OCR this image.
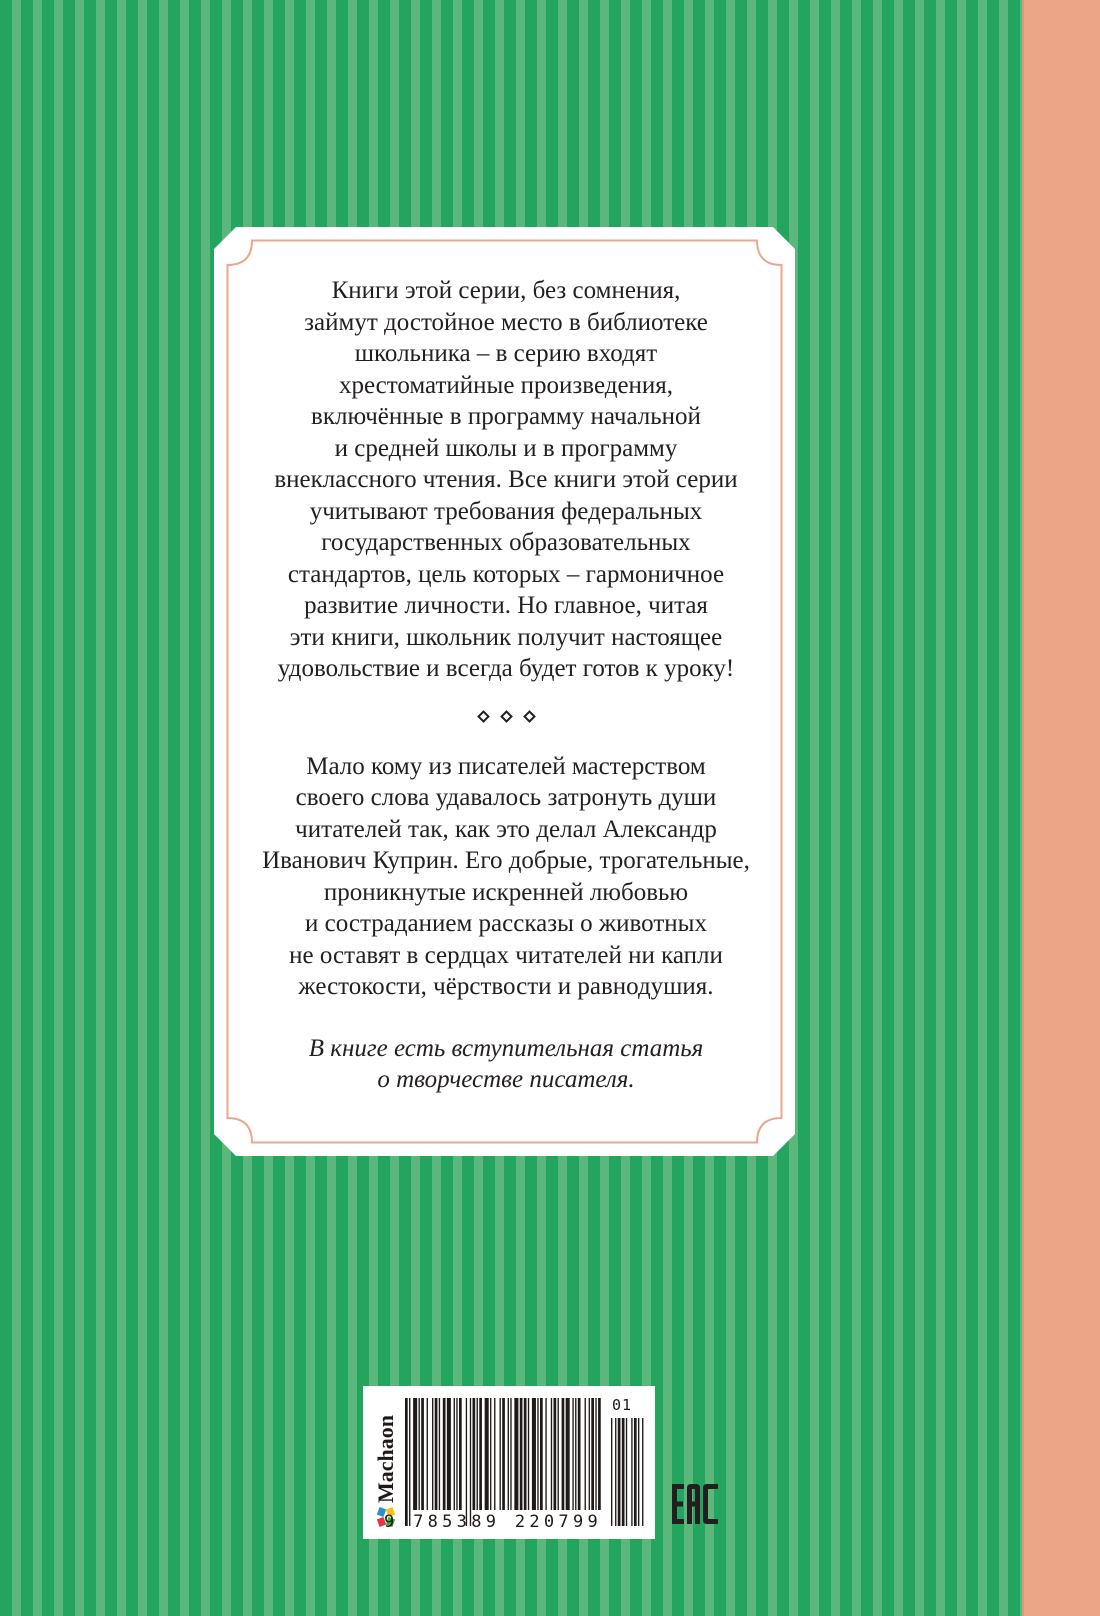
Книги этой серии, без сомнения,
займут достойное место в библиотеке
школьника – в серию входят
хрестоматийные произведения,
включённые в программу начальной
и средней школы и в программу
внеклассного чтения. Все книги этой серии
учитывают требования федеральных
государственных образовательных
стандартов, цель которых – гармоничное
развитие личности. Но главное, читая
эти книги, школьник получит настоящее
удовольствие и всегда будет готов к уроку!

Мало кому из писателей мастерством
своего слова удавалось затронуть души
читателей так, как это делал Александр
Иванович Куприн. Его добрые, трогательные,
проникнутые искренней любовью
и состраданием рассказы о животных
не оставят в сердцах читателей ни капли
жестокости, чёрствости и равнодушия.

В книге есть вступительная статья
о творчестве писателя.

Machaon
9 785389 220799
01
